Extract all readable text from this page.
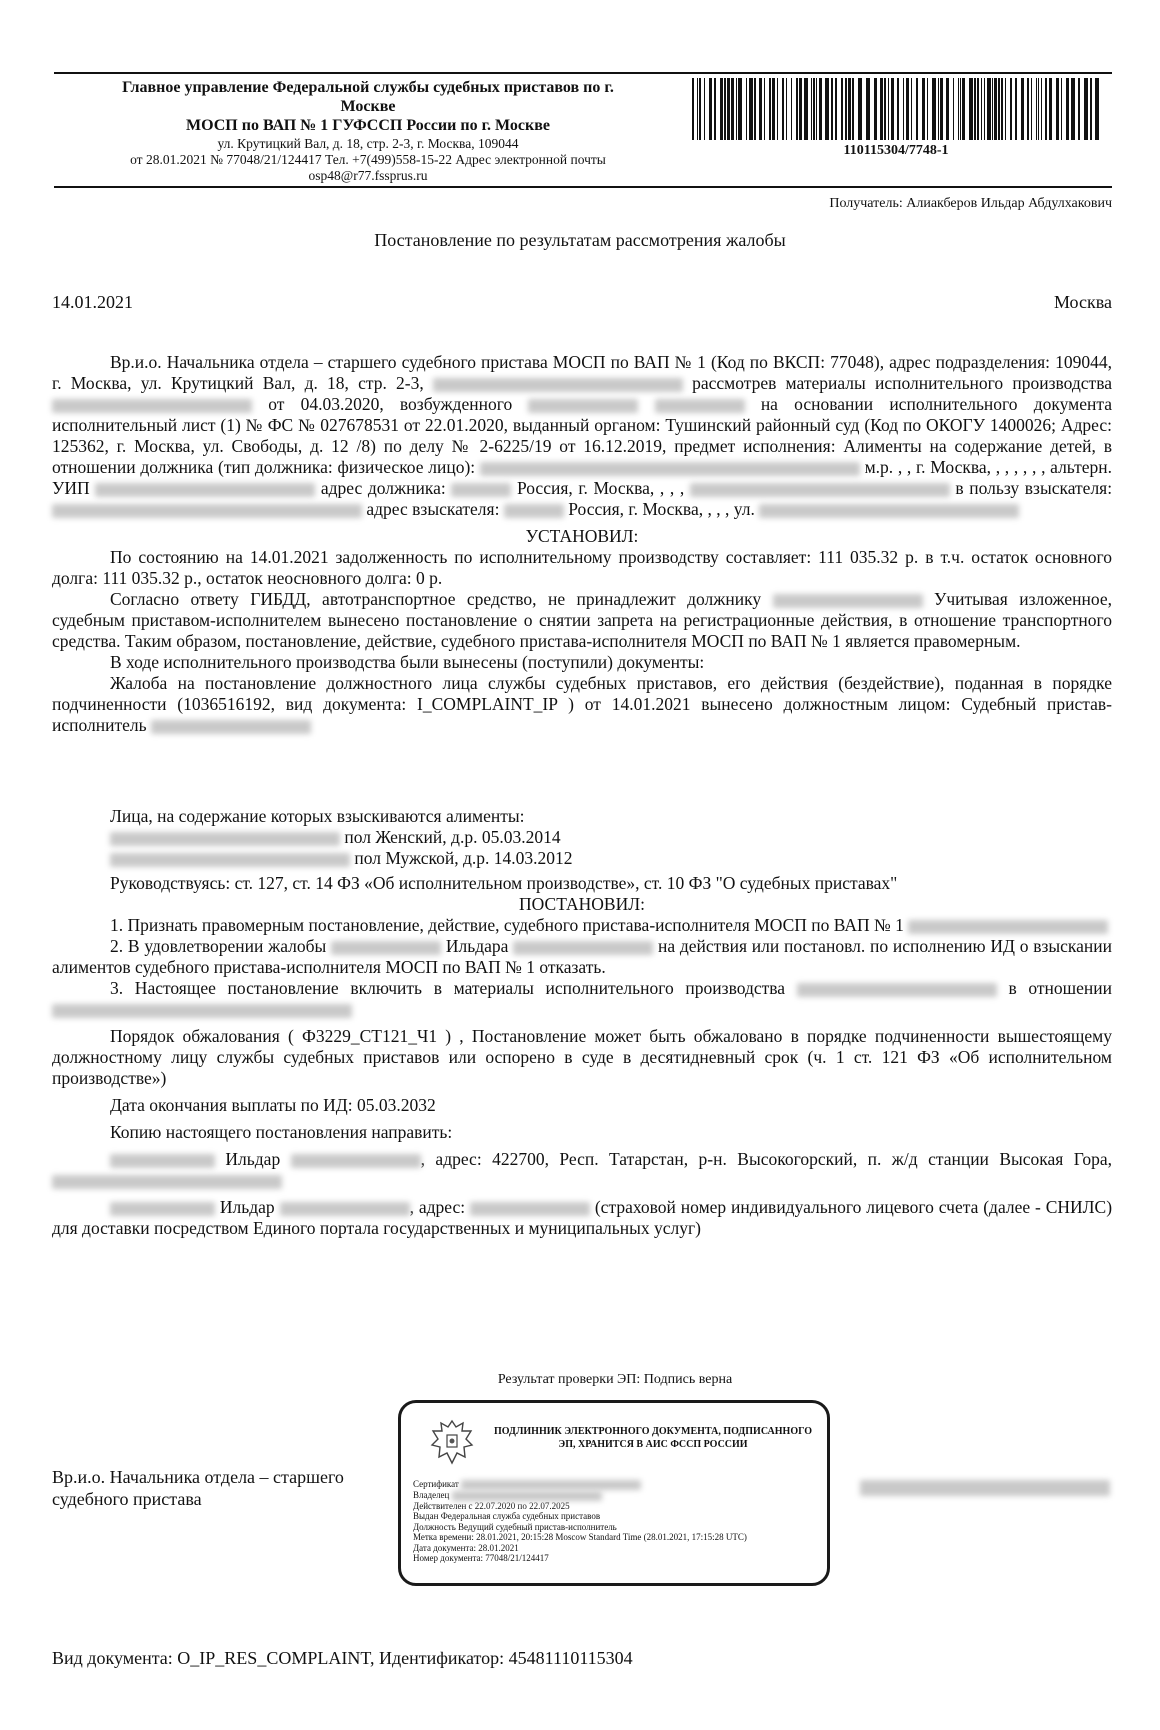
Главное управление Федеральной службы судебных приставов по г.
Москве
МОСП по ВАП № 1 ГУФССП России по г. Москве
ул. Крутицкий Вал, д. 18, стр. 2-3, г. Москва, 109044
от 28.01.2021 № 77048/21/124417 Тел. +7(499)558-15-22 Адрес электронной почты
osp48@r77.fssprus.ru
110115304/7748-1
Получатель: Алиакберов Ильдар Абдулхакович
Постановление по результатам рассмотрения жалобы
14.01.2021	Москва

Вр.и.о. Начальника отдела – старшего судебного пристава МОСП по ВАП № 1 (Код по ВКСП: 77048), адрес подразделения: 109044, г. Москва, ул. Крутицкий Вал, д. 18, стр. 2-3,	рассмотрев материалы исполнительного производства  от 04.03.2020, возбужденного	на основании исполнительного документа исполнительный лист (1) № ФС № 027678531 от 22.01.2020, выданный органом: Тушинский районный суд (Код по ОКОГУ 1400026; Адрес: 125362, г. Москва, ул. Свободы, д. 12 /8) по делу № 2-6225/19 от 16.12.2019, предмет исполнения: Алименты на содержание детей, в отношении должника (тип должника: физическое лицо):	м.р. , , г. Москва, , , , , , , альтерн. УИП	адрес должника:	Россия, г. Москва, , , ,	в пользу взыскателя:  адрес взыскателя:	Россия, г. Москва, , , , ул.

УСТАНОВИЛ:

По состоянию на 14.01.2021 задолженность по исполнительному производству составляет: 111 035.32 р. в т.ч. остаток основного долга: 111 035.32 р., остаток неосновного долга: 0 р.

Согласно ответу ГИБДД, автотранспортное средство, не принадлежит должнику	Учитывая изложенное, судебным приставом-исполнителем вынесено постановление о снятии запрета на регистрационные действия, в отношение транспортного средства. Таким образом, постановление, действие, судебного пристава-исполнителя МОСП по ВАП № 1 является правомерным.

В ходе исполнительного производства были вынесены (поступили) документы:

Жалоба на постановление должностного лица службы судебных приставов, его действия (бездействие), поданная в порядке подчиненности (1036516192, вид документа: I_COMPLAINT_IP ) от 14.01.2021 вынесено должностным лицом: Судебный пристав-исполнитель

Лица, на содержание которых взыскиваются алименты:

пол Женский, д.р. 05.03.2014

пол Мужской, д.р. 14.03.2012

Руководствуясь: ст. 127, ст. 14 ФЗ «Об исполнительном производстве», ст. 10 ФЗ "О судебных приставах"

ПОСТАНОВИЛ:

1. Признать правомерным постановление, действие, судебного пристава-исполнителя МОСП по ВАП № 1

2. В удовлетворении жалобы	Ильдара	на действия или постановл. по исполнению ИД о взыскании алиментов судебного пристава-исполнителя МОСП по ВАП № 1 отказать.

3. Настоящее постановление включить в материалы исполнительного производства	в отношении

Порядок обжалования ( Ф3229_СТ121_Ч1 ) , Постановление может быть обжаловано в порядке подчиненности вышестоящему должностному лицу службы судебных приставов или оспорено в суде в десятидневный срок (ч. 1 ст. 121 ФЗ «Об исполнительном производстве»)

Дата окончания выплаты по ИД: 05.03.2032

Копию настоящего постановления направить:

Ильдар	, адрес: 422700, Респ. Татарстан, р-н. Высокогорский, п. ж/д станции Высокая Гора,

Ильдар	, адрес:	(страховой номер индивидуального лицевого счета (далее - СНИЛС) для доставки посредством Единого портала государственных и муниципальных услуг)

Результат проверки ЭП: Подпись верна
Вр.и.о. Начальника отдела – старшего судебного пристава
ПОДЛИННИК ЭЛЕКТРОННОГО ДОКУМЕНТА, ПОДПИСАННОГО ЭП, ХРАНИТСЯ В АИС ФССП РОССИИ
Сертификат
Владелец
Действителен с 22.07.2020 по 22.07.2025
Выдан Федеральная служба судебных приставов
Должность Ведущий судебный пристав-исполнитель
Метка времени: 28.01.2021, 20:15:28 Moscow Standard Time (28.01.2021, 17:15:28 UTC)
Дата документа: 28.01.2021
Номер документа: 77048/21/124417
Вид документа: O_IP_RES_COMPLAINT, Идентификатор: 45481110115304
